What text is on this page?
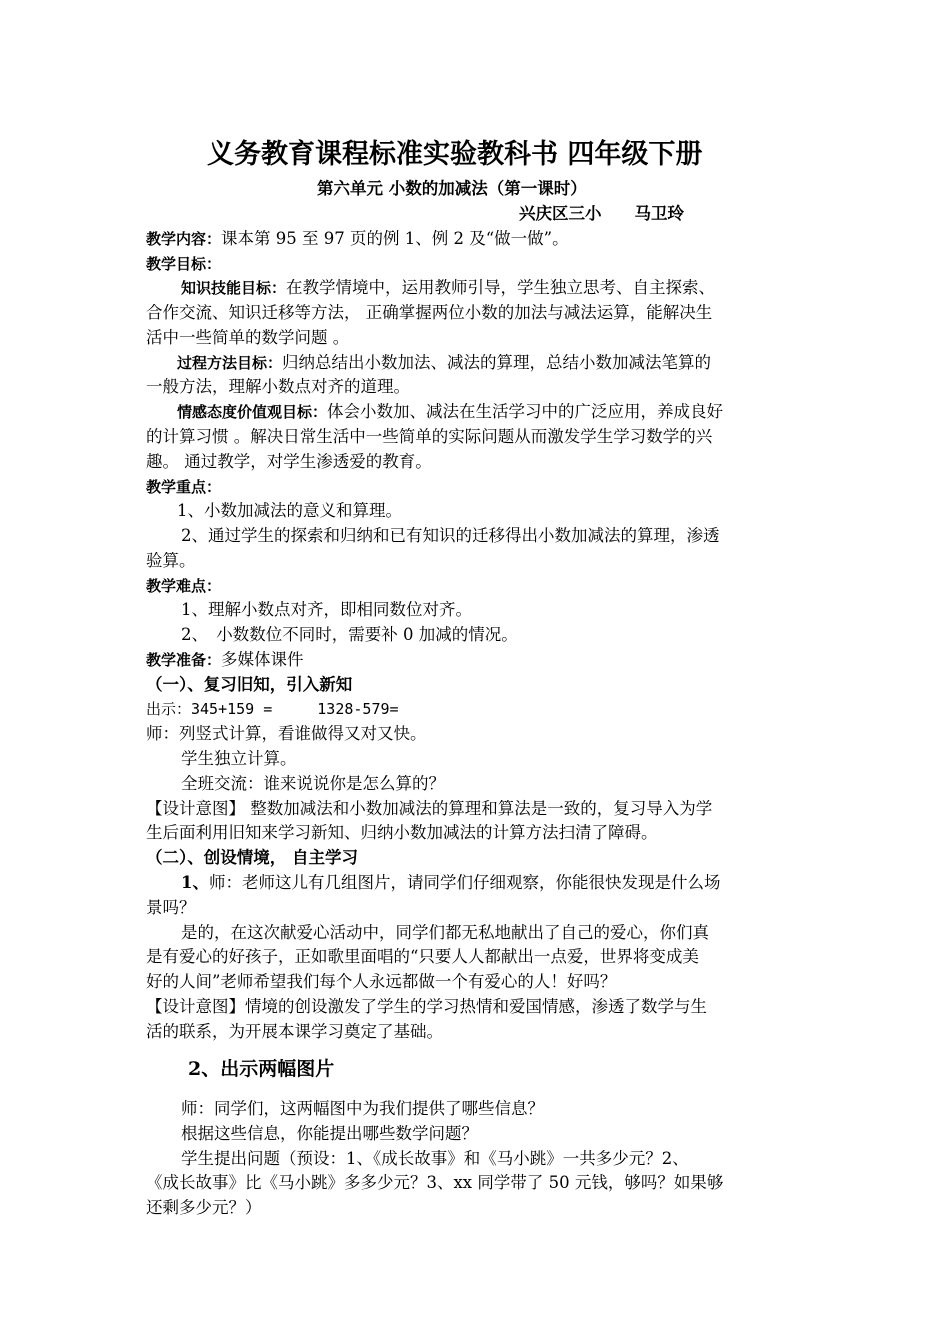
义务教育课程标准实验教科书 四年级下册
第六单元 小数的加减法（第一课时）
兴庆区三小　　马卫玲
教学内容：课本第 95 至 97 页的例 1、例 2 及“做一做”。
教学目标：
知识技能目标：在教学情境中，运用教师引导，学生独立思考、自主探索、
合作交流、知识迁移等方法， 正确掌握两位小数的加法与减法运算，能解决生
活中一些简单的数学问题 。
过程方法目标：归纳总结出小数加法、减法的算理，总结小数加减法笔算的
一般方法，理解小数点对齐的道理。
情感态度价值观目标：体会小数加、减法在生活学习中的广泛应用，养成良好
的计算习惯 。解决日常生活中一些简单的实际问题从而激发学生学习数学的兴
趣。 通过教学，对学生渗透爱的教育。
教学重点：
1、小数加减法的意义和算理。
2、通过学生的探索和归纳和已有知识的迁移得出小数加减法的算理，渗透
验算。
教学难点：
1、理解小数点对齐，即相同数位对齐。
2、　小数数位不同时，需要补 0 加减的情况。
教学准备：多媒体课件
（一）、复习旧知，引入新知
出示：345+159 =　　　1328-579=
师：列竖式计算，看谁做得又对又快。
学生独立计算。
全班交流：谁来说说你是怎么算的？
【设计意图】 整数加减法和小数加减法的算理和算法是一致的，复习导入为学
生后面利用旧知来学习新知、归纳小数加减法的计算方法扫清了障碍。
（二）、创设情境， 自主学习
1、师：老师这儿有几组图片，请同学们仔细观察，你能很快发现是什么场
景吗？
是的，在这次献爱心活动中，同学们都无私地献出了自己的爱心，你们真
是有爱心的好孩子，正如歌里面唱的“只要人人都献出一点爱，世界将变成美
好的人间”老师希望我们每个人永远都做一个有爱心的人！好吗？
【设计意图】情境的创设激发了学生的学习热情和爱国情感，渗透了数学与生
活的联系，为开展本课学习奠定了基础。
2、出示两幅图片
师：同学们，这两幅图中为我们提供了哪些信息？
根据这些信息，你能提出哪些数学问题？
学生提出问题（预设：1、《成长故事》和《马小跳》一共多少元？2、
《成长故事》比《马小跳》多多少元？3、xx 同学带了 50 元钱，够吗？如果够
还剩多少元？）
